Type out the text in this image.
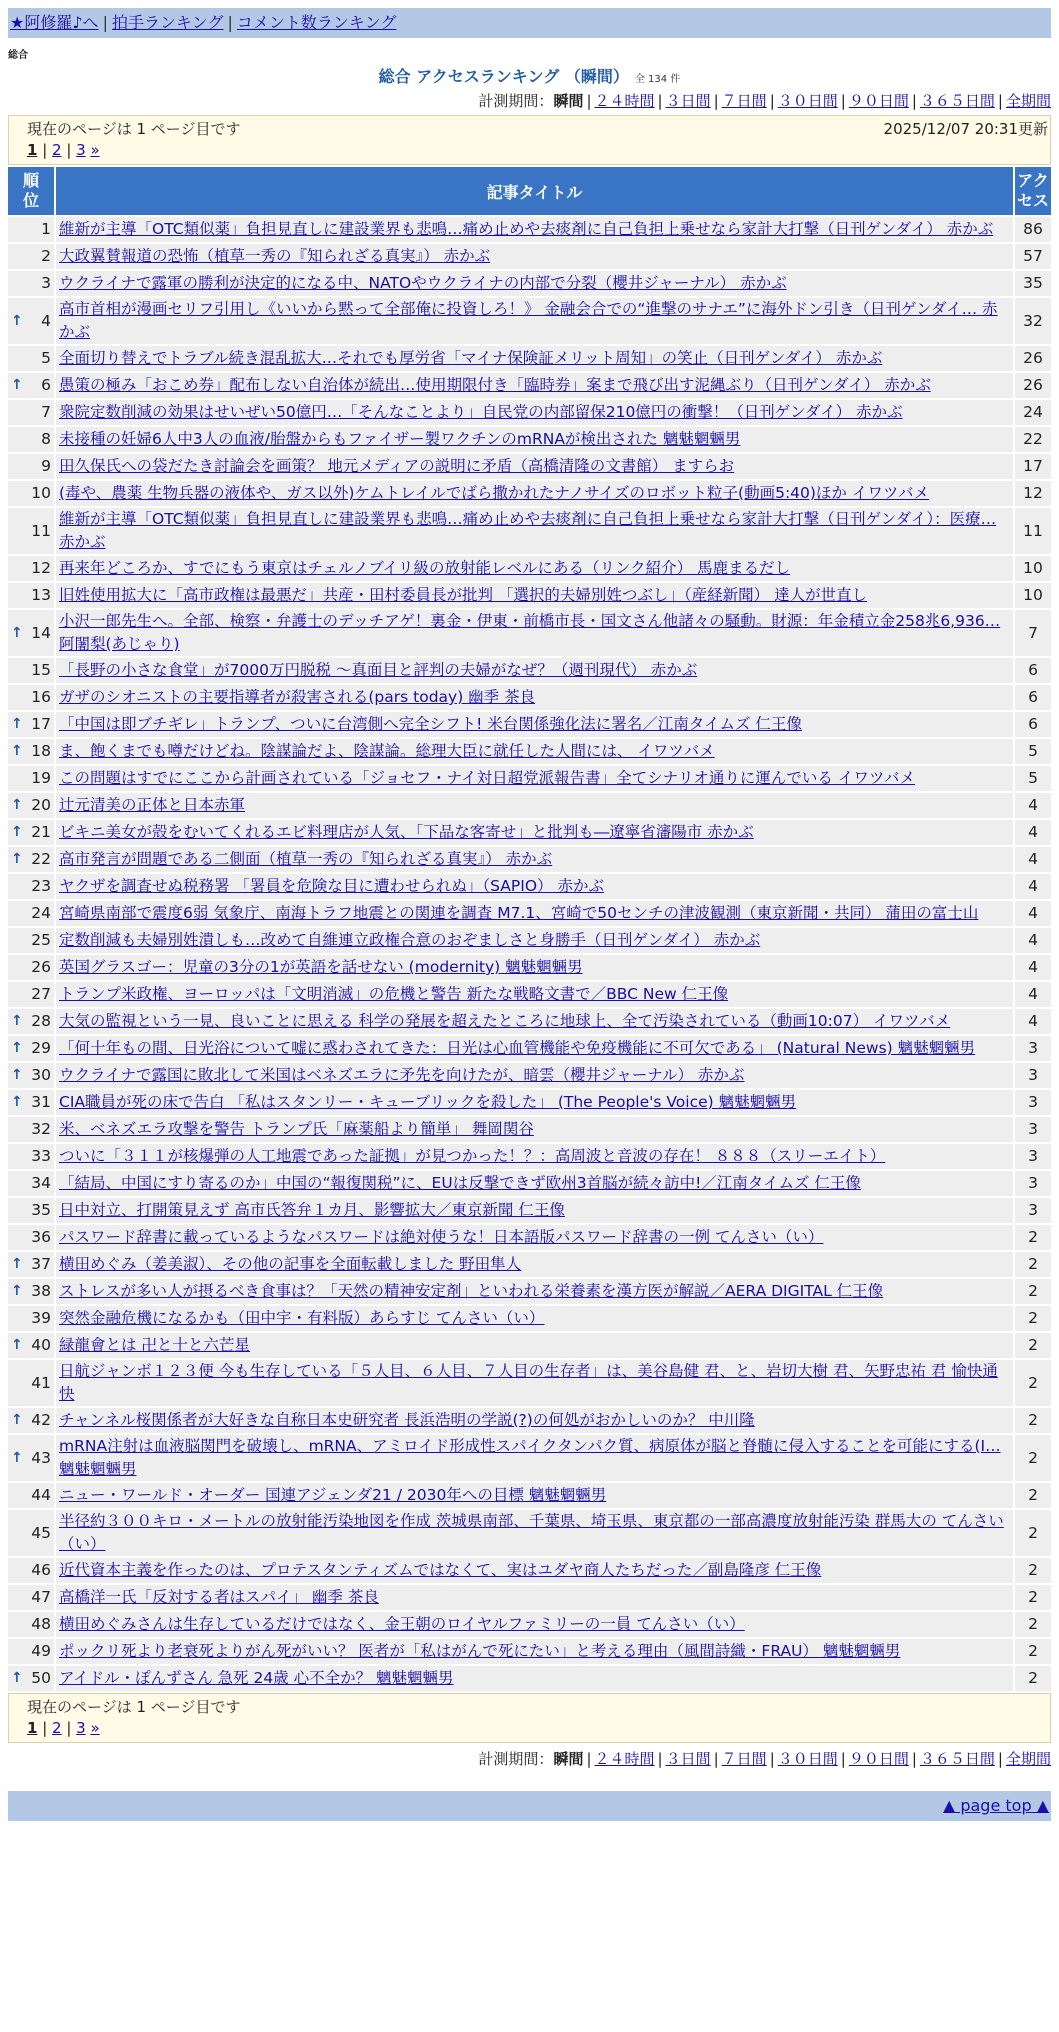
★阿修羅♪へ | 拍手ランキング | コメント数ランキング
総合
総合 アクセスランキング （瞬間） 全 134 件
計測期間：瞬間 | ２４時間 | ３日間 | ７日間 | ３０日間 | ９０日間 | ３６５日間 | 全期間
現在のページは 1 ページ目です	2025/12/07 20:31更新
1 | 2 | 3 »
順位	記事タイトル	アクセス
1	維新が主導「OTC類似薬」負担見直しに建設業界も悲鳴…痛め止めや去痰剤に自己負担上乗せなら家計大打撃（日刊ゲンダイ） 赤かぶ	86
2	大政翼賛報道の恐怖（植草一秀の『知られざる真実』） 赤かぶ	57
3	ウクライナで露軍の勝利が決定的になる中、NATOやウクライナの内部で分裂（櫻井ジャーナル） 赤かぶ	35

↑ 4	高市首相が漫画セリフ引用し《いいから黙って全部俺に投資しろ！》 金融会合での“進撃のサナエ”に海外ドン引き（日刊ゲンダイ… 赤かぶ	32
5	全面切り替えでトラブル続き混乱拡大…それでも厚労省「マイナ保険証メリット周知」の笑止（日刊ゲンダイ） 赤かぶ	26

↑ 6	愚策の極み「おこめ券」配布しない自治体が続出…使用期限付き「臨時券」案まで飛び出す泥縄ぶり（日刊ゲンダイ） 赤かぶ	26
7	衆院定数削減の効果はせいぜい50億円…「そんなことより」自民党の内部留保210億円の衝撃！（日刊ゲンダイ） 赤かぶ	24
8	未接種の妊婦6人中3人の血液/胎盤からもファイザー製ワクチンのmRNAが検出された 魑魅魍魎男	22
9	田久保氏への袋だたき討論会を画策？ 地元メディアの説明に矛盾（高橋清隆の文書館） ますらお	17
10	(毒や、農薬 生物兵器の液体や、ガス以外)ケムトレイルでばら撒かれたナノサイズのロボット粒子(動画5:40)ほか イワツバメ	12
11	維新が主導「OTC類似薬」負担見直しに建設業界も悲鳴…痛め止めや去痰剤に自己負担上乗せなら家計大打撃（日刊ゲンダイ）：医療… 赤かぶ	11
12	再来年どころか、すでにもう東京はチェルノブイリ級の放射能レベルにある（リンク紹介） 馬鹿まるだし	10
13	旧姓使用拡大に「高市政権は最悪だ」共産・田村委員長が批判 「選択的夫婦別姓つぶし」（産経新聞） 達人が世直し	10

↑ 14	小沢一郎先生へ。全部、検察・弁護士のデッチアゲ！裏金・伊東・前橋市長・国文さん他諸々の騒動。財源：年金積立金258兆6,936… 阿闍梨(あじゃり)	7
15	「長野の小さな食堂」が7000万円脱税 〜真面目と評判の夫婦がなぜ？（週刊現代） 赤かぶ	6
16	ガザのシオニストの主要指導者が殺害される(pars today) 幽季 茶良	6

↑ 17	「中国は即ブチギレ」トランプ、ついに台湾側へ完全シフト! 米台関係強化法に署名／江南タイムズ 仁王像	6

↑ 18	ま、飽くまでも噂だけどね。陰謀論だよ、陰謀論。総理大臣に就任した人間には、 イワツバメ	5
19	この問題はすでにここから計画されている「ジョセフ・ナイ対日超党派報告書」全てシナリオ通りに運んでいる イワツバメ	5

↑ 20	辻元清美の正体と日本赤軍	4

↑ 21	ビキニ美女が殻をむいてくれるエビ料理店が人気、「下品な客寄せ」と批判も―遼寧省瀋陽市 赤かぶ	4

↑ 22	高市発言が問題である二側面（植草一秀の『知られざる真実』） 赤かぶ	4
23	ヤクザを調査せぬ税務署 「署員を危険な目に遭わせられぬ」（SAPIO） 赤かぶ	4
24	宮崎県南部で震度6弱 気象庁、南海トラフ地震との関連を調査 M7.1、宮崎で50センチの津波観測（東京新聞・共同） 蒲田の富士山	4
25	定数削減も夫婦別姓潰しも…改めて自維連立政権合意のおぞましさと身勝手（日刊ゲンダイ） 赤かぶ	4
26	英国グラスゴー：児童の3分の1が英語を話せない (modernity) 魑魅魍魎男	4
27	トランプ米政権、ヨーロッパは「文明消滅」の危機と警告 新たな戦略文書で／BBC New 仁王像	4

↑ 28	大気の監視という一見、良いことに思える 科学の発展を超えたところに地球上、全て汚染されている（動画10:07） イワツバメ	4

↑ 29	「何十年もの間、日光浴について嘘に惑わされてきた：日光は心血管機能や免疫機能に不可欠である」 (Natural News) 魑魅魍魎男	3

↑ 30	ウクライナで露国に敗北して米国はベネズエラに矛先を向けたが、暗雲（櫻井ジャーナル） 赤かぶ	3

↑ 31	CIA職員が死の床で告白 「私はスタンリー・キューブリックを殺した」 (The People's Voice) 魑魅魍魎男	3
32	米、ベネズエラ攻撃を警告 トランプ氏「麻薬船より簡単」 舞岡関谷	3
33	ついに「３１１が核爆弾の人工地震であった証拠」が見つかった！？：高周波と音波の存在！ ８８８（スリーエイト）	3
34	「結局、中国にすり寄るのか」中国の“報復関税”に、EUは反撃できず欧州3首脳が続々訪中!／江南タイムズ 仁王像	3
35	日中対立、打開策見えず 高市氏答弁１カ月、影響拡大／東京新聞 仁王像	3
36	パスワード辞書に載っているようなパスワードは絶対使うな！日本語版パスワード辞書の一例 てんさい（い）	2

↑ 37	横田めぐみ（姜美淑）、その他の記事を全面転載しました 野田隼人	2

↑ 38	ストレスが多い人が摂るべき食事は？「天然の精神安定剤」といわれる栄養素を漢方医が解説／AERA DIGITAL 仁王像	2
39	突然金融危機になるかも（田中宇・有料版）あらすじ てんさい（い）	2

↑ 40	緑龍會とは 卍と十と六芒星	2
41	日航ジャンボ１２３便 今も生存している「５人目、６人目、７人目の生存者」は、美谷島健 君、と、岩切大樹 君、矢野忠祐 君 愉快通快	2

↑ 42	チャンネル桜関係者が大好きな自称日本史研究者 長浜浩明の学説(?)の何処がおかしいのか？ 中川隆	2

↑ 43	mRNA注射は血液脳関門を破壊し、mRNA、アミロイド形成性スパイクタンパク質、病原体が脳と脊髄に侵入することを可能にする(I… 魑魅魍魎男	2
44	ニュー・ワールド・オーダー 国連アジェンダ21 / 2030年への目標 魑魅魍魎男	2
45	半径約３００キロ・メートルの放射能汚染地図を作成 茨城県南部、千葉県、埼玉県、東京都の一部高濃度放射能汚染 群馬大の てんさい（い）	2
46	近代資本主義を作ったのは、プロテスタンティズムではなくて、実はユダヤ商人たちだった／副島隆彦 仁王像	2
47	高橋洋一氏「反対する者はスパイ」 幽季 茶良	2
48	横田めぐみさんは生存しているだけではなく、金王朝のロイヤルファミリーの一員 てんさい（い）	2
49	ポックリ死より老衰死よりがん死がいい？ 医者が「私はがんで死にたい」と考える理由（風間詩織・FRAU） 魑魅魍魎男	2

↑ 50	アイドル・ぽんずさん 急死 24歳 心不全か？ 魑魅魍魎男	2
現在のページは 1 ページ目です
1 | 2 | 3 »
計測期間：瞬間 | ２４時間 | ３日間 | ７日間 | ３０日間 | ９０日間 | ３６５日間 | 全期間
▲ page top ▲
